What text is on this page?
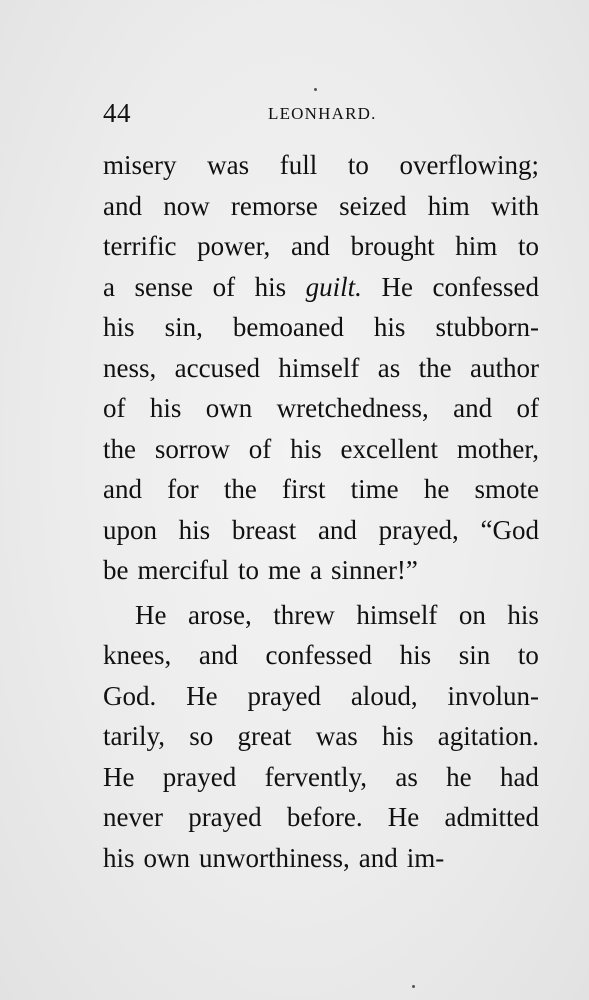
44	LEONHARD.
misery was full to overflowing;
and now remorse seized him with
terrific power, and brought him to
a sense of his guilt. He confessed
his sin, bemoaned his stubborn-
ness, accused himself as the author
of his own wretchedness, and of
the sorrow of his excellent mother,
and for the first time he smote
upon his breast and prayed, “God
be merciful to me a sinner!”
He arose, threw himself on his
knees, and confessed his sin to
God. He prayed aloud, involun-
tarily, so great was his agitation.
He prayed fervently, as he had
never prayed before. He admitted
his own unworthiness, and im-
